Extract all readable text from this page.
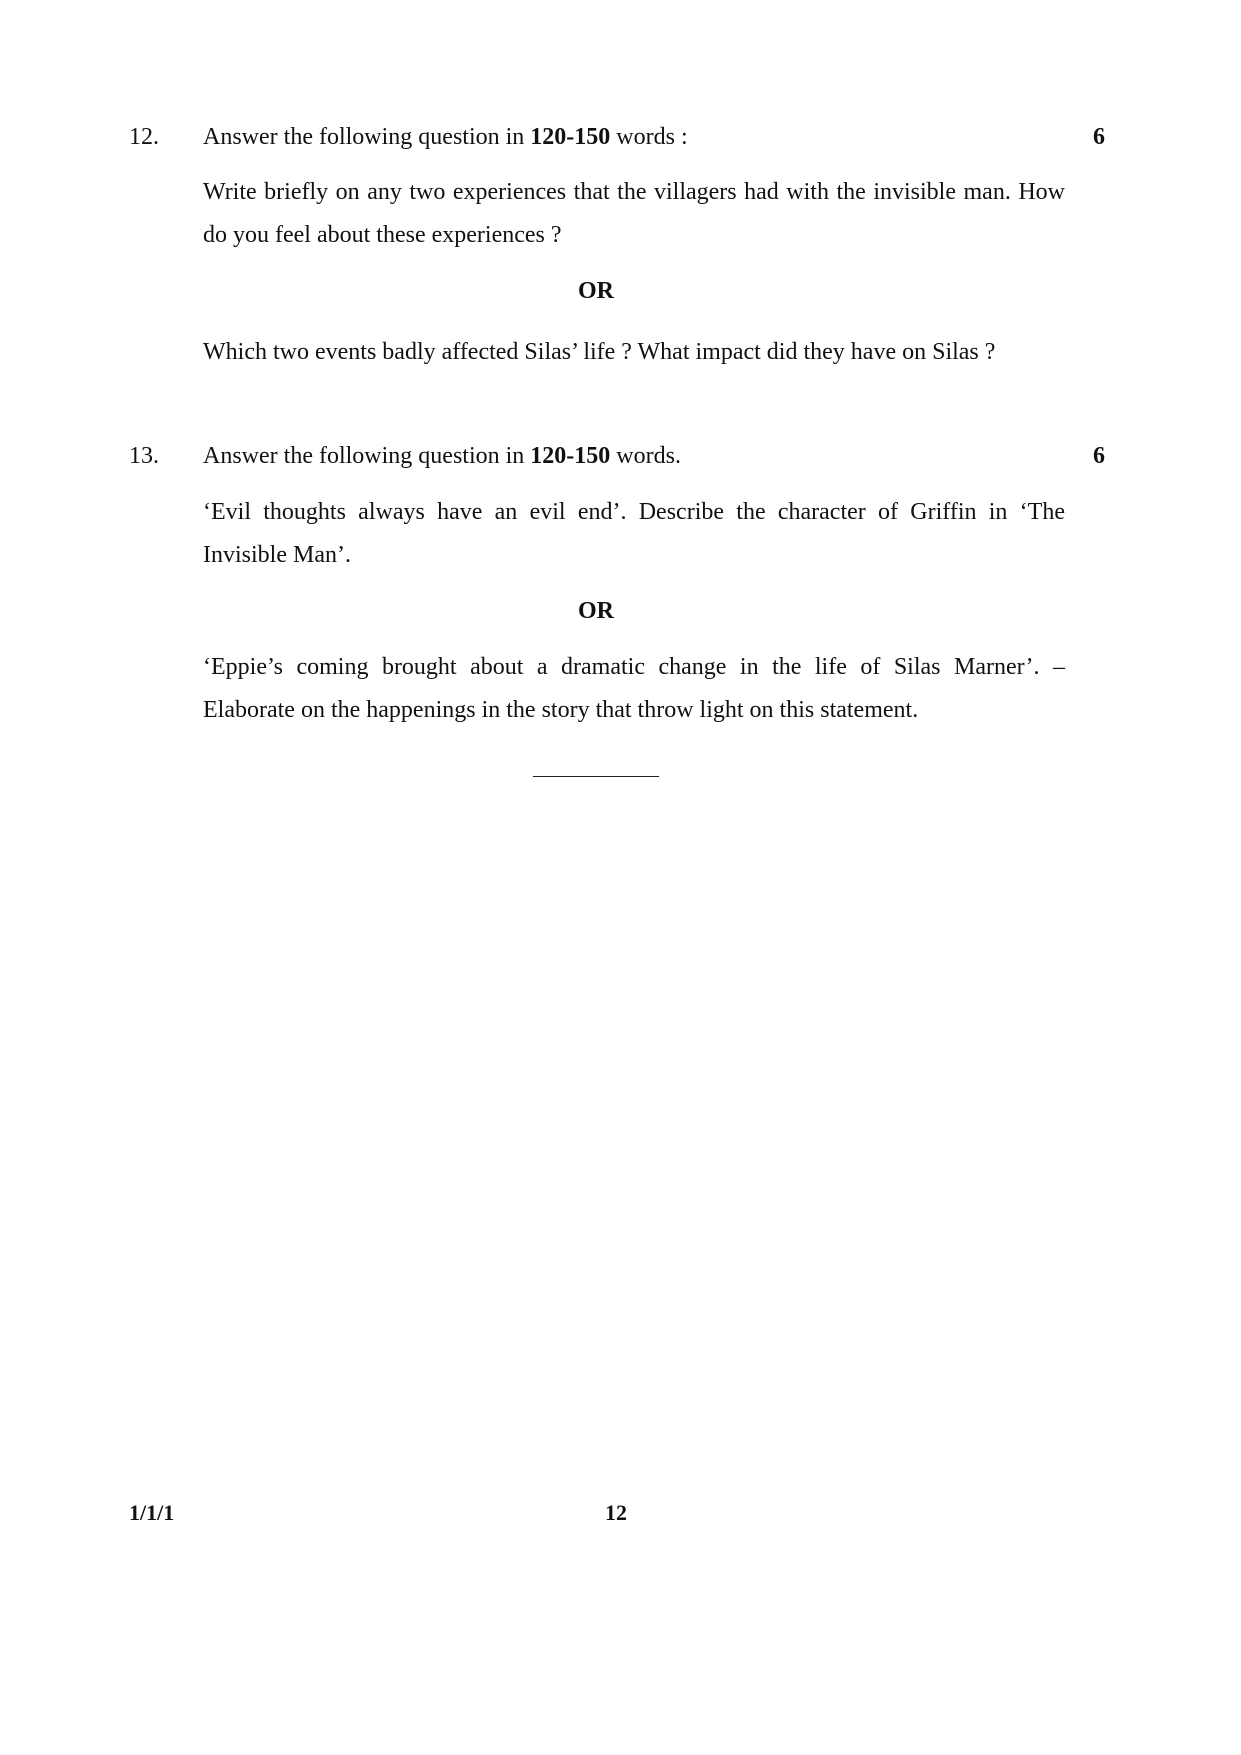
12. Answer the following question in 120-150 words :	6

Write briefly on any two experiences that the villagers had with the invisible man. How do you feel about these experiences ?

OR

Which two events badly affected Silas’ life ? What impact did they have on Silas ?

13. Answer the following question in 120-150 words.	6

‘Evil thoughts always have an evil end’. Describe the character of Griffin in ‘The Invisible Man’.

OR

‘Eppie’s coming brought about a dramatic change in the life of Silas Marner’. – Elaborate on the happenings in the story that throw light on this statement.

1/1/1	12
